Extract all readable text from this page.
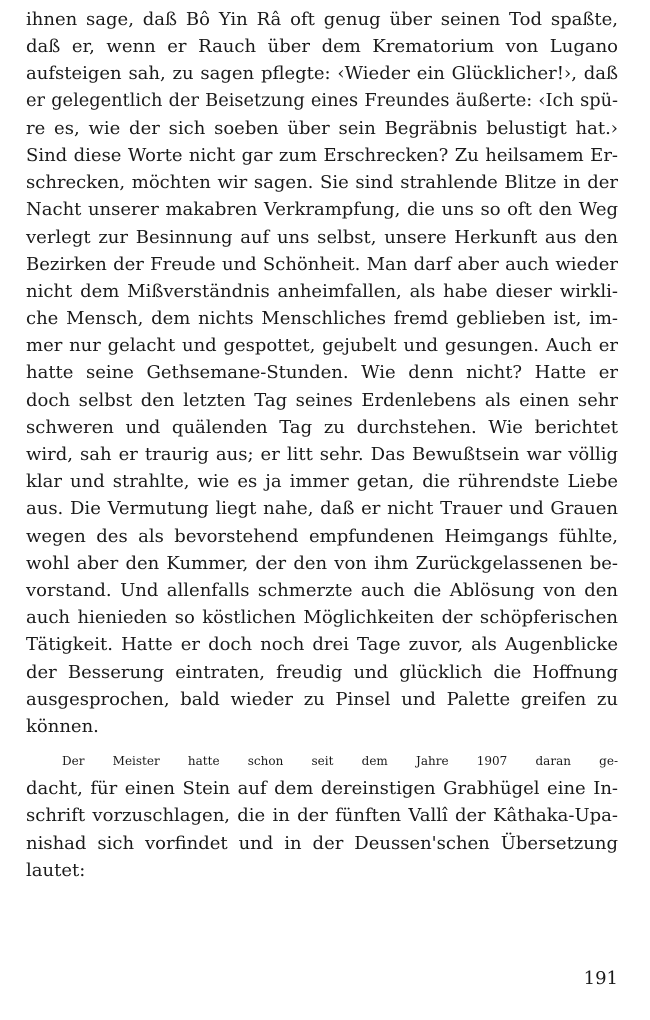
ihnen sage, daß Bô Yin Râ oft genug über seinen Tod spaßte,
daß er, wenn er Rauch über dem Krematorium von Lugano
aufsteigen sah, zu sagen pflegte: ‹Wieder ein Glücklicher!›, daß
er gelegentlich der Beisetzung eines Freundes äußerte: ‹Ich spü-
re es, wie der sich soeben über sein Begräbnis belustigt hat.›
Sind diese Worte nicht gar zum Erschrecken? Zu heilsamem Er-
schrecken, möchten wir sagen. Sie sind strahlende Blitze in der
Nacht unserer makabren Verkrampfung, die uns so oft den Weg
verlegt zur Besinnung auf uns selbst, unsere Herkunft aus den
Bezirken der Freude und Schönheit. Man darf aber auch wieder
nicht dem Mißverständnis anheimfallen, als habe dieser wirkli-
che Mensch, dem nichts Menschliches fremd geblieben ist, im-
mer nur gelacht und gespottet, gejubelt und gesungen. Auch er
hatte seine Gethsemane-Stunden. Wie denn nicht? Hatte er
doch selbst den letzten Tag seines Erdenlebens als einen sehr
schweren und quälenden Tag zu durchstehen. Wie berichtet
wird, sah er traurig aus; er litt sehr. Das Bewußtsein war völlig
klar und strahlte, wie es ja immer getan, die rührendste Liebe
aus. Die Vermutung liegt nahe, daß er nicht Trauer und Grauen
wegen des als bevorstehend empfundenen Heimgangs fühlte,
wohl aber den Kummer, der den von ihm Zurückgelassenen be-
vorstand. Und allenfalls schmerzte auch die Ablösung von den
auch hienieden so köstlichen Möglichkeiten der schöpferischen
Tätigkeit. Hatte er doch noch drei Tage zuvor, als Augenblicke
der Besserung eintraten, freudig und glücklich die Hoffnung
ausgesprochen, bald wieder zu Pinsel und Palette greifen zu
können.
Der Meister hatte schon seit dem Jahre 1907 daran ge-
dacht, für einen Stein auf dem dereinstigen Grabhügel eine In-
schrift vorzuschlagen, die in der fünften Vallî der Kâthaka-Upa-
nishad sich vorfindet und in der Deussen'schen Übersetzung
lautet:
191
